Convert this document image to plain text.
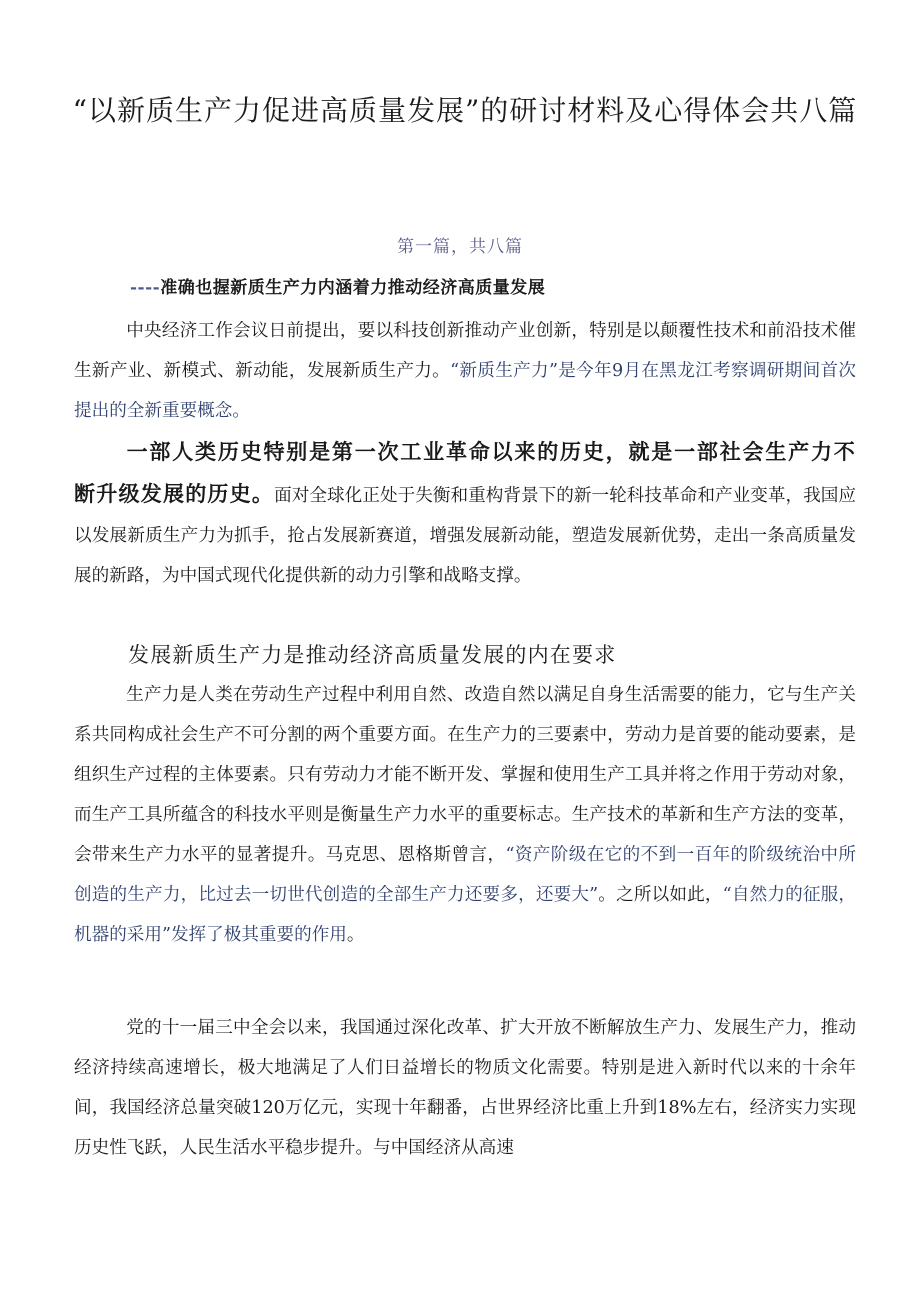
“以新质生产力促进高质量发展”的研讨材料及心得体会共八篇
第一篇，共八篇
----准确也握新质生产力内涵着力推动经济高质量发展

中央经济工作会议日前提出，要以科技创新推动产业创新，特别是以颠覆性技术和前沿技术催生新产业、新模式、新动能，发展新质生产力。“新质生产力”是今年9月在黑龙江考察调研期间首次提出的全新重要概念。

一部人类历史特别是第一次工业革命以来的历史，就是一部社会生产力不断升级发展的历史。面对全球化正处于失衡和重构背景下的新一轮科技革命和产业变革，我国应以发展新质生产力为抓手，抢占发展新赛道，增强发展新动能，塑造发展新优势，走出一条高质量发展的新路，为中国式现代化提供新的动力引擎和战略支撑。

发展新质生产力是推动经济高质量发展的内在要求

生产力是人类在劳动生产过程中利用自然、改造自然以满足自身生活需要的能力，它与生产关系共同构成社会生产不可分割的两个重要方面。在生产力的三要素中，劳动力是首要的能动要素，是组织生产过程的主体要素。只有劳动力才能不断开发、掌握和使用生产工具并将之作用于劳动对象，而生产工具所蕴含的科技水平则是衡量生产力水平的重要标志。生产技术的革新和生产方法的变革，会带来生产力水平的显著提升。马克思、恩格斯曾言，“资产阶级在它的不到一百年的阶级统治中所创造的生产力，比过去一切世代创造的全部生产力还要多，还要大”。之所以如此，“自然力的征服，机器的采用”发挥了极其重要的作用。

党的十一届三中全会以来，我国通过深化改革、扩大开放不断解放生产力、发展生产力，推动经济持续高速增长，极大地满足了人们日益增长的物质文化需要。特别是进入新时代以来的十余年间，我国经济总量突破120万亿元，实现十年翻番，占世界经济比重上升到18%左右，经济实力实现历史性飞跃，人民生活水平稳步提升。与中国经济从高速
